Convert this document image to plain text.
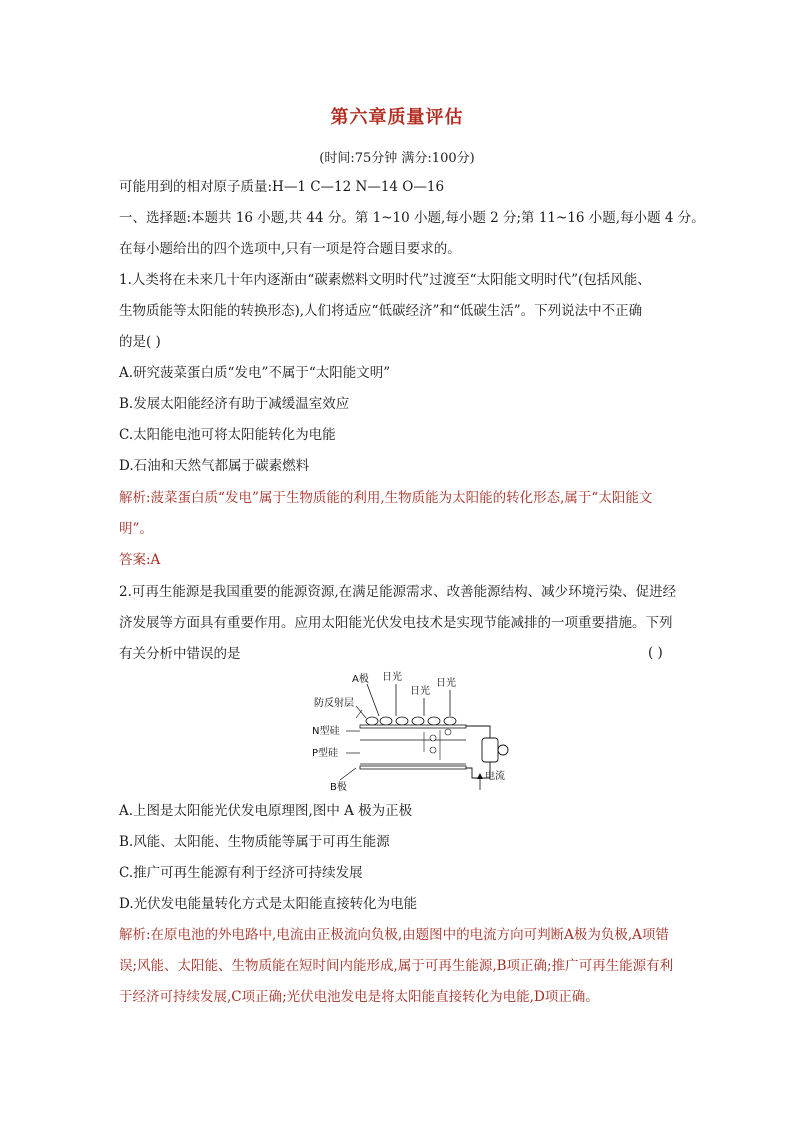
第六章质量评估
(时间:75分钟 满分:100分)
可能用到的相对原子质量:H—1 C—12 N—14 O—16
一、选择题:本题共 16 小题,共 44 分。第 1~10 小题,每小题 2 分;第 11~16 小题,每小题 4 分。
在每小题给出的四个选项中,只有一项是符合题目要求的。
1.人类将在未来几十年内逐渐由“碳素燃料文明时代”过渡至“太阳能文明时代”(包括风能、
生物质能等太阳能的转换形态),人们将适应“低碳经济”和“低碳生活”。下列说法中不正确
的是( )
A.研究菠菜蛋白质“发电”不属于“太阳能文明”
B.发展太阳能经济有助于减缓温室效应
C.太阳能电池可将太阳能转化为电能
D.石油和天然气都属于碳素燃料
解析:菠菜蛋白质“发电”属于生物质能的利用,生物质能为太阳能的转化形态,属于“太阳能文
明”。
答案:A
2.可再生能源是我国重要的能源资源,在满足能源需求、改善能源结构、减少环境污染、促进经
济发展等方面具有重要作用。应用太阳能光伏发电技术是实现节能减排的一项重要措施。下列
有关分析中错误的是	( )
A极 日光
日光
日光
防反射层
N型硅
P型硅
B极
电流
A.上图是太阳能光伏发电原理图,图中 A 极为正极
B.风能、太阳能、生物质能等属于可再生能源
C.推广可再生能源有利于经济可持续发展
D.光伏发电能量转化方式是太阳能直接转化为电能
解析:在原电池的外电路中,电流由正极流向负极,由题图中的电流方向可判断A极为负极,A项错
误;风能、太阳能、生物质能在短时间内能形成,属于可再生能源,B项正确;推广可再生能源有利
于经济可持续发展,C项正确;光伏电池发电是将太阳能直接转化为电能,D项正确。
